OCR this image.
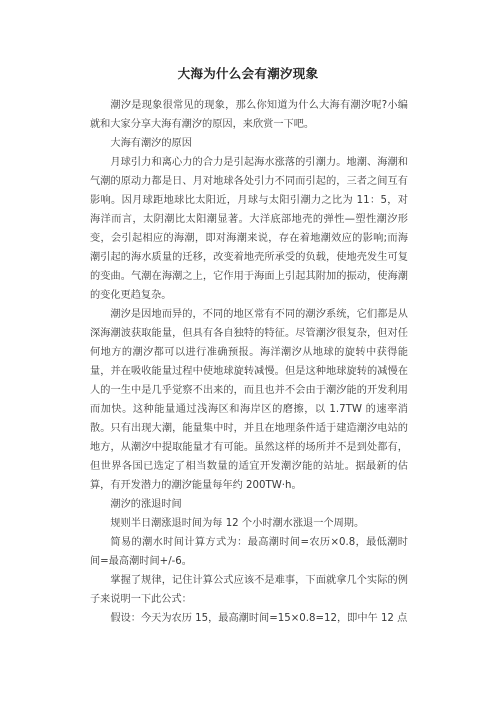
大海为什么会有潮汐现象

潮汐是现象很常见的现象，那么你知道为什么大海有潮汐呢?小编就和大家分享大海有潮汐的原因，来欣赏一下吧。

大海有潮汐的原因

月球引力和离心力的合力是引起海水涨落的引潮力。地潮、海潮和气潮的原动力都是日、月对地球各处引力不同而引起的，三者之间互有影响。因月球距地球比太阳近，月球与太阳引潮力之比为 11：5，对海洋而言，太阴潮比太阳潮显著。大洋底部地壳的弹性—塑性潮汐形变，会引起相应的海潮，即对海潮来说，存在着地潮效应的影响;而海潮引起的海水质量的迁移，改变着地壳所承受的负载，使地壳发生可复的变曲。气潮在海潮之上，它作用于海面上引起其附加的振动，使海潮的变化更趋复杂。

潮汐是因地而异的，不同的地区常有不同的潮汐系统，它们都是从深海潮波获取能量，但具有各自独特的特征。尽管潮汐很复杂，但对任何地方的潮汐都可以进行准确预报。海洋潮汐从地球的旋转中获得能量，并在吸收能量过程中使地球旋转减慢。但是这种地球旋转的减慢在人的一生中是几乎觉察不出来的，而且也并不会由于潮汐能的开发利用而加快。这种能量通过浅海区和海岸区的磨擦，以 1.7TW 的速率消散。只有出现大潮，能量集中时，并且在地理条件适于建造潮汐电站的地方，从潮汐中提取能量才有可能。虽然这样的场所并不是到处都有，但世界各国已选定了相当数量的适宜开发潮汐能的站址。据最新的估算，有开发潜力的潮汐能量每年约 200TW·h。

潮汐的涨退时间

规则半日潮涨退时间为每 12 个小时潮水涨退一个周期。

简易的潮水时间计算方式为：最高潮时间=农历×0.8，最低潮时间=最高潮时间+/-6。

掌握了规律，记住计算公式应该不是难事，下面就拿几个实际的例子来说明一下此公式：

假设：今天为农历 15，最高潮时间=15×0.8=12，即中午 12 点
